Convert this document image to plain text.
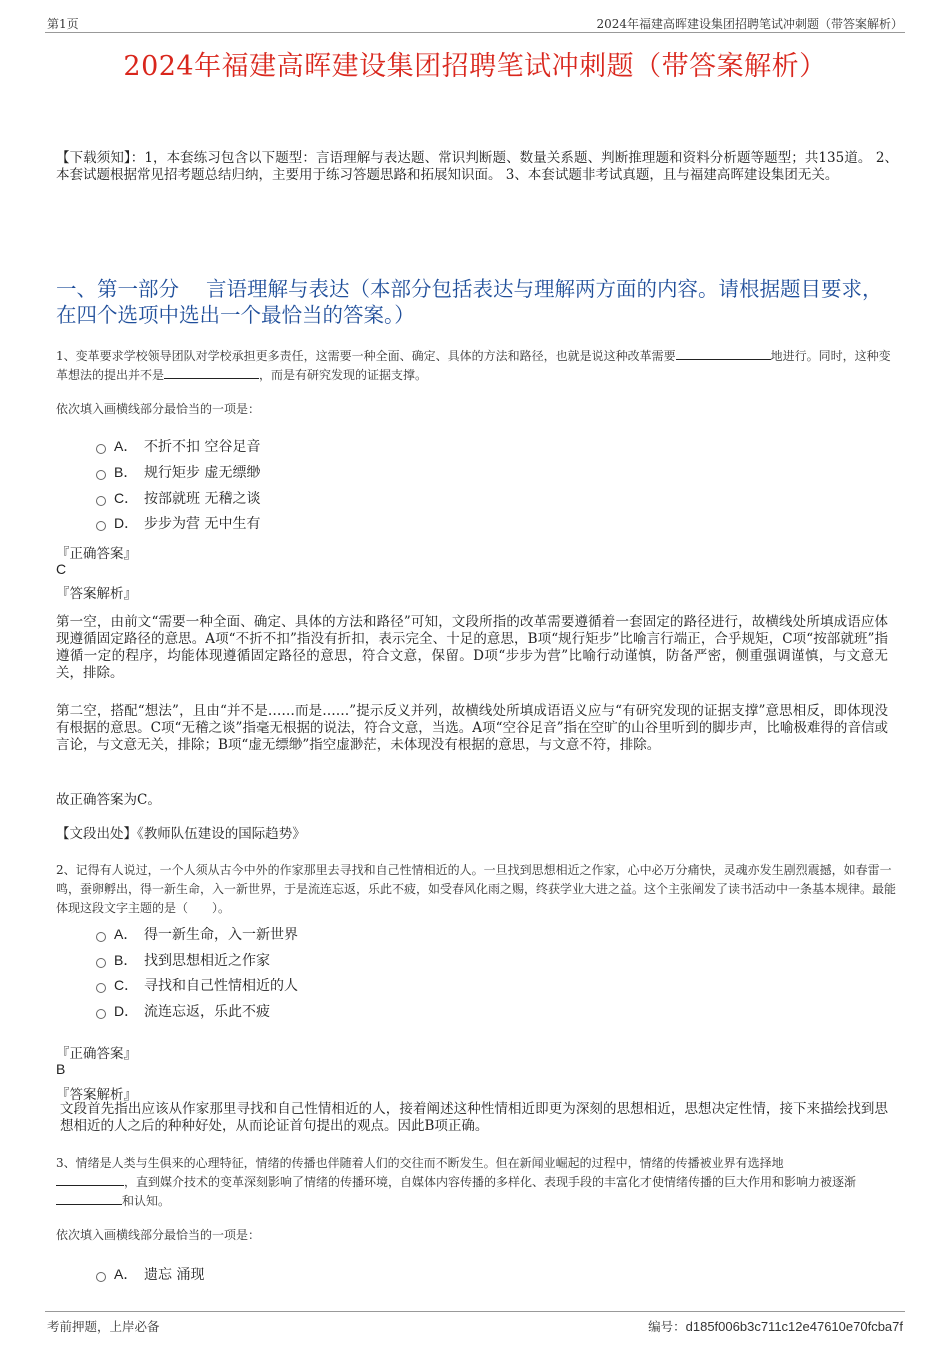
第1页	2024年福建高晖建设集团招聘笔试冲刺题（带答案解析）
2024年福建高晖建设集团招聘笔试冲刺题（带答案解析）
【下载须知】：1，本套练习包含以下题型：言语理解与表达题、常识判断题、数量关系题、判断推理题和资料分析题等题型；共135道。 2、本套试题根据常见招考题总结归纳，主要用于练习答题思路和拓展知识面。 3、本套试题非考试真题，且与福建高晖建设集团无关。
一、第一部分　 言语理解与表达（本部分包括表达与理解两方面的内容。请根据题目要求，在四个选项中选出一个最恰当的答案。）
1、变革要求学校领导团队对学校承担更多责任，这需要一种全面、确定、具体的方法和路径，也就是说这种改革需要	地进行。同时，这种变革想法的提出并不是	，而是有研究发现的证据支撑。
依次填入画横线部分最恰当的一项是：
A． 不折不扣 空谷足音
B． 规行矩步 虚无缥缈
C． 按部就班 无稽之谈
D． 步步为营 无中生有
『正确答案』
C
『答案解析』
第一空，由前文“需要一种全面、确定、具体的方法和路径”可知，文段所指的改革需要遵循着一套固定的路径进行，故横线处所填成语应体现遵循固定路径的意思。A项“不折不扣”指没有折扣，表示完全、十足的意思，B项“规行矩步”比喻言行端正，合乎规矩，C项“按部就班”指遵循一定的程序，均能体现遵循固定路径的意思，符合文意，保留。D项“步步为营”比喻行动谨慎，防备严密，侧重强调谨慎，与文意无关，排除。
第二空，搭配“想法”，且由“并不是……而是……”提示反义并列，故横线处所填成语语义应与“有研究发现的证据支撑”意思相反，即体现没有根据的意思。C项“无稽之谈”指毫无根据的说法，符合文意，当选。A项“空谷足音”指在空旷的山谷里听到的脚步声，比喻极难得的音信或言论，与文意无关，排除；B项“虚无缥缈”指空虚渺茫，未体现没有根据的意思，与文意不符，排除。
故正确答案为C。
【文段出处】《教师队伍建设的国际趋势》
2、记得有人说过，一个人须从古今中外的作家那里去寻找和自己性情相近的人。一旦找到思想相近之作家，心中必万分痛快，灵魂亦发生剧烈震撼，如春雷一鸣，蚕卵孵出，得一新生命，入一新世界，于是流连忘返，乐此不疲，如受春风化雨之赐，终获学业大进之益。这个主张阐发了读书活动中一条基本规律。最能体现这段文字主题的是（　　）。
A． 得一新生命，入一新世界
B． 找到思想相近之作家
C． 寻找和自己性情相近的人
D． 流连忘返，乐此不疲
『正确答案』
B
『答案解析』
文段首先指出应该从作家那里寻找和自己性情相近的人，接着阐述这种性情相近即更为深刻的思想相近，思想决定性情，接下来描绘找到思想相近的人之后的种种好处，从而论证首句提出的观点。因此B项正确。
3、情绪是人类与生俱来的心理特征，情绪的传播也伴随着人们的交往而不断发生。但在新闻业崛起的过程中，情绪的传播被业界有选择地
，直到媒介技术的变革深刻影响了情绪的传播环境，自媒体内容传播的多样化、表现手段的丰富化才使情绪传播的巨大作用和影响力被逐渐和认知。
依次填入画横线部分最恰当的一项是：
A． 遗忘 涌现
考前押题，上岸必备	编号：d185f006b3c711c12e47610e70fcba7f
